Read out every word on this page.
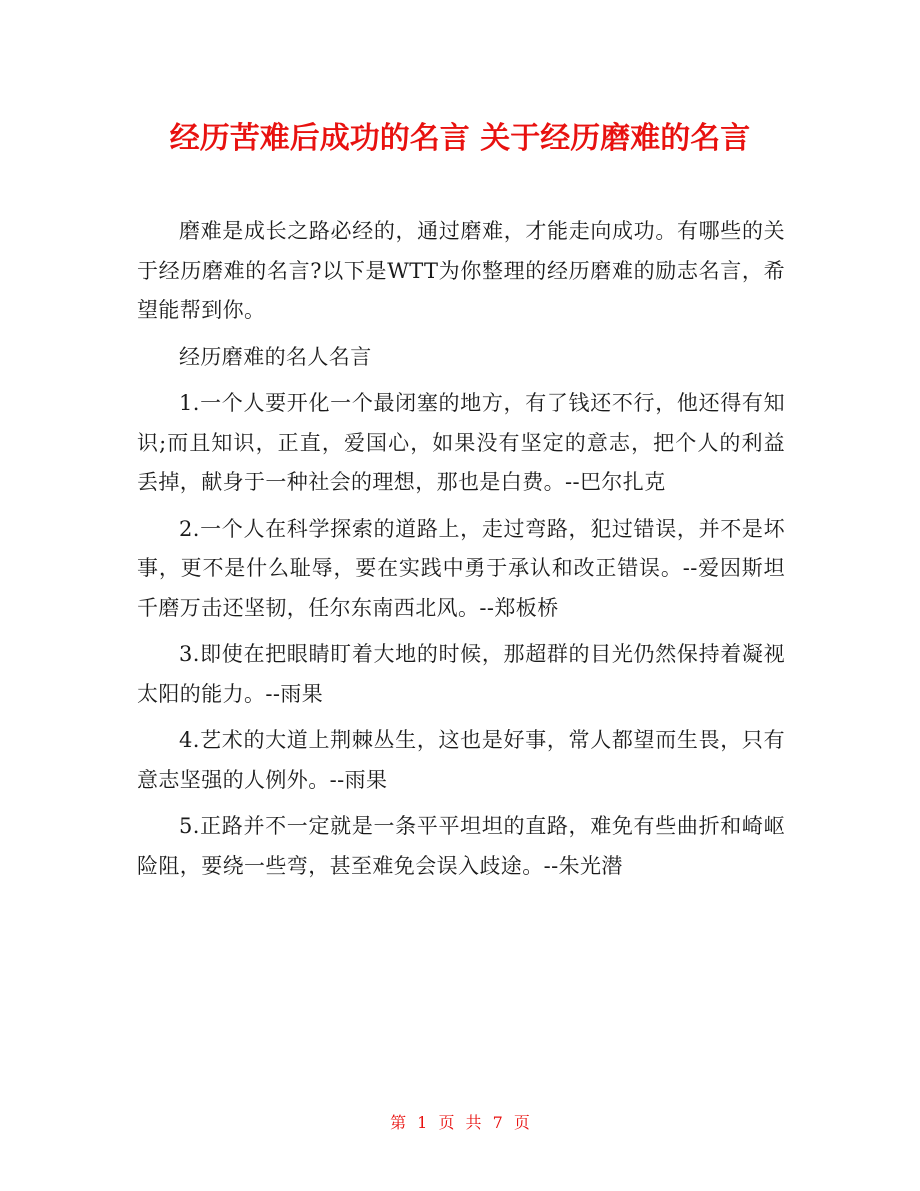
经历苦难后成功的名言 关于经历磨难的名言

磨难是成长之路必经的，通过磨难，才能走向成功。有哪些的关于经历磨难的名言?以下是WTT为你整理的经历磨难的励志名言，希望能帮到你。

经历磨难的名人名言

1.一个人要开化一个最闭塞的地方，有了钱还不行，他还得有知识;而且知识，正直，爱国心，如果没有坚定的意志，把个人的利益丢掉，献身于一种社会的理想，那也是白费。--巴尔扎克

2.一个人在科学探索的道路上，走过弯路，犯过错误，并不是坏事，更不是什么耻辱，要在实践中勇于承认和改正错误。--爱因斯坦千磨万击还坚韧，任尔东南西北风。--郑板桥

3.即使在把眼睛盯着大地的时候，那超群的目光仍然保持着凝视太阳的能力。--雨果

4.艺术的大道上荆棘丛生，这也是好事，常人都望而生畏，只有意志坚强的人例外。--雨果

5.正路并不一定就是一条平平坦坦的直路，难免有些曲折和崎岖险阻，要绕一些弯，甚至难免会误入歧途。--朱光潜

第 1 页 共 7 页
